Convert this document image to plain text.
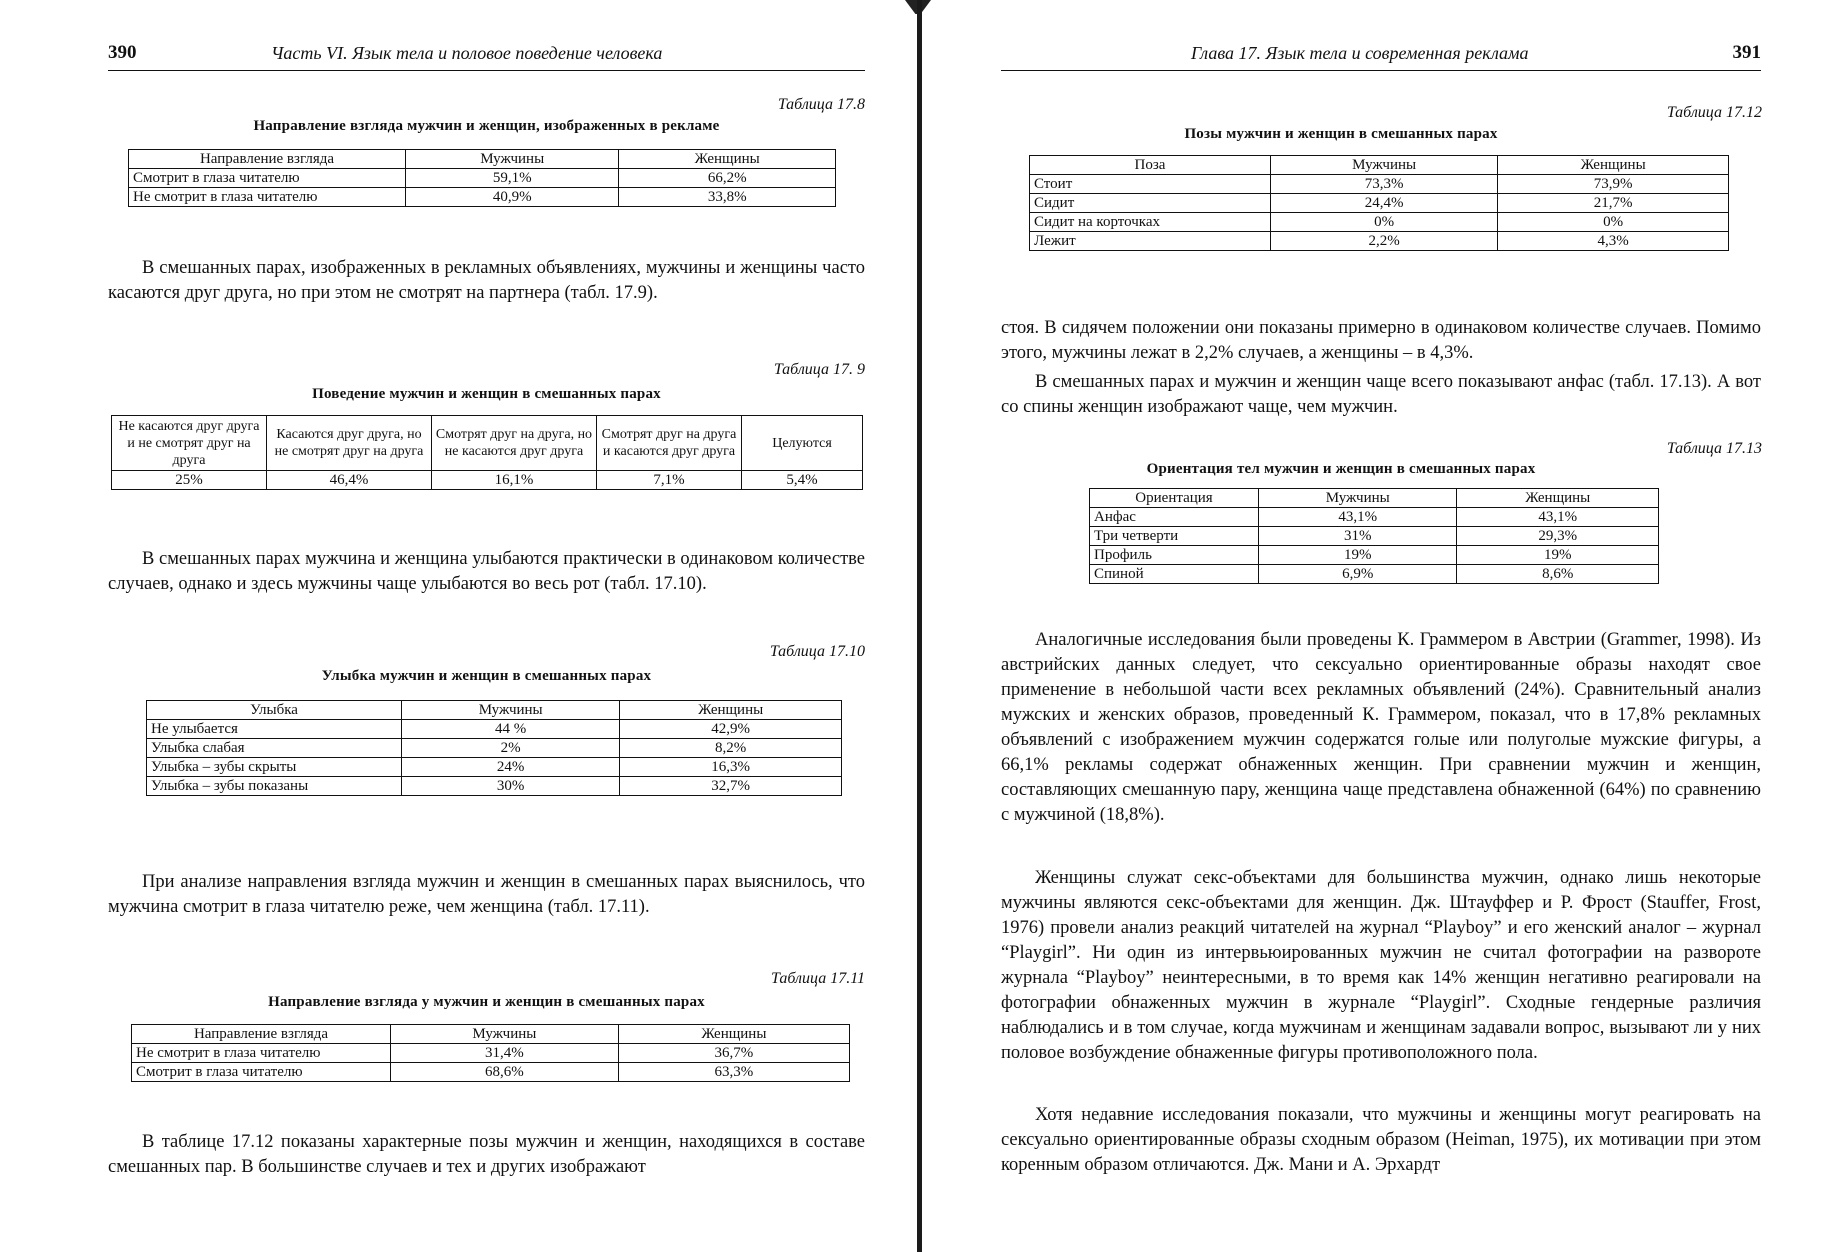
390	Часть VI. Язык тела и половое поведение человека
Таблица 17.8
Направление взгляда мужчин и женщин, изображенных в рекламе
Направление взгляда	Мужчины	Женщины
Смотрит в глаза читателю	59,1%	66,2%
Не смотрит в глаза читателю	40,9%	33,8%
В смешанных парах, изображенных в рекламных объявлениях, мужчины и женщины часто касаются друг друга, но при этом не смотрят на партнера (табл. 17.9).
Таблица 17. 9
Поведение мужчин и женщин в смешанных парах
Не касаются друг друга и не смотрят друг на друга	Касаются друг друга, но не смотрят друг на друга	Смотрят друг на друга, но не касаются друг друга	Смотрят друг на друга и касаются друг друга	Целуются
25%	46,4%	16,1%	7,1%	5,4%
В смешанных парах мужчина и женщина улыбаются практически в одинаковом количестве случаев, однако и здесь мужчины чаще улыбаются во весь рот (табл. 17.10).
Таблица 17.10
Улыбка мужчин и женщин в смешанных парах
Улыбка	Мужчины	Женщины
Не улыбается	44 %	42,9%
Улыбка слабая	2%	8,2%
Улыбка – зубы скрыты	24%	16,3%
Улыбка – зубы показаны	30%	32,7%
При анализе направления взгляда мужчин и женщин в смешанных парах выяснилось, что мужчина смотрит в глаза читателю реже, чем женщина (табл. 17.11).
Таблица 17.11
Направление взгляда у мужчин и женщин в смешанных парах
Направление взгляда	Мужчины	Женщины
Не смотрит в глаза читателю	31,4%	36,7%
Смотрит в глаза читателю	68,6%	63,3%
В таблице 17.12 показаны характерные позы мужчин и женщин, находящихся в составе смешанных пар. В большинстве случаев и тех и других изображают
Глава 17. Язык тела и современная реклама	391
Таблица 17.12
Позы мужчин и женщин в смешанных парах
Поза	Мужчины	Женщины
Стоит	73,3%	73,9%
Сидит	24,4%	21,7%
Сидит на корточках	0%	0%
Лежит	2,2%	4,3%
стоя. В сидячем положении они показаны примерно в одинаковом количестве случаев. Помимо этого, мужчины лежат в 2,2% случаев, а женщины – в 4,3%.
В смешанных парах и мужчин и женщин чаще всего показывают анфас (табл. 17.13). А вот со спины женщин изображают чаще, чем мужчин.
Таблица 17.13
Ориентация тел мужчин и женщин в смешанных парах
Ориентация	Мужчины	Женщины
Анфас	43,1%	43,1%
Три четверти	31%	29,3%
Профиль	19%	19%
Спиной	6,9%	8,6%
Аналогичные исследования были проведены К. Граммером в Австрии (Grammer, 1998). Из австрийских данных следует, что сексуально ориентированные образы находят свое применение в небольшой части всех рекламных объявлений (24%). Сравнительный анализ мужских и женских образов, проведенный К. Граммером, показал, что в 17,8% рекламных объявлений с изображением мужчин содержатся голые или полуголые мужские фигуры, а 66,1% рекламы содержат обнаженных женщин. При сравнении мужчин и женщин, составляющих смешанную пару, женщина чаще представлена обнаженной (64%) по сравнению с мужчиной (18,8%).
Женщины служат секс-объектами для большинства мужчин, однако лишь некоторые мужчины являются секс-объектами для женщин. Дж. Штауффер и Р. Фрост (Stauffer, Frost, 1976) провели анализ реакций читателей на журнал “Playboy” и его женский аналог – журнал “Playgirl”. Ни один из интервьюированных мужчин не считал фотографии на развороте журнала “Playboy” неинтересными, в то время как 14% женщин негативно реагировали на фотографии обнаженных мужчин в журнале “Playgirl”. Сходные гендерные различия наблюдались и в том случае, когда мужчинам и женщинам задавали вопрос, вызывают ли у них половое возбуждение обнаженные фигуры противоположного пола.
Хотя недавние исследования показали, что мужчины и женщины могут реагировать на сексуально ориентированные образы сходным образом (Heiman, 1975), их мотивации при этом коренным образом отличаются. Дж. Мани и А. Эрхардт
